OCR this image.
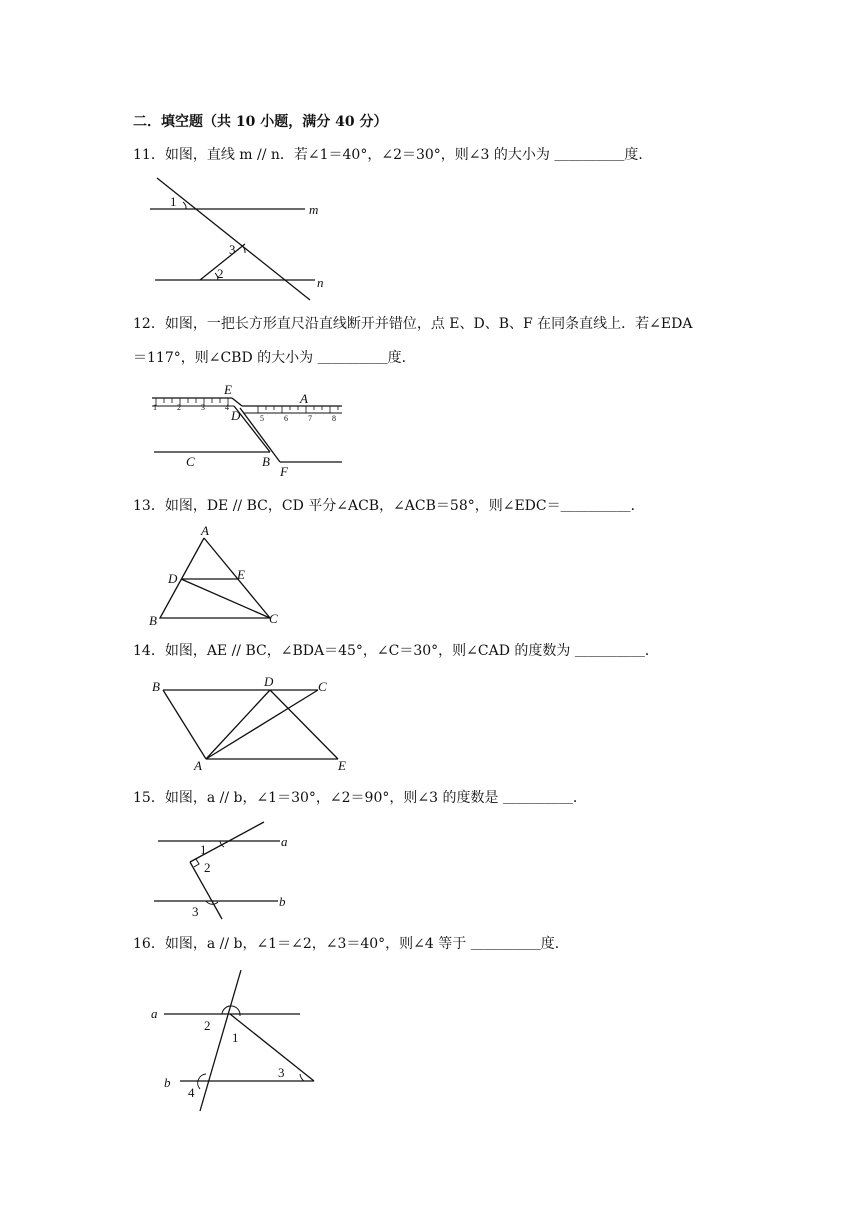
二．填空题（共 10 小题，满分 40 分）
11．如图，直线 m // n．若∠1＝40°，∠2＝30°，则∠3 的大小为 ＿＿＿＿＿度．
1
3
2
m
n
12．如图，一把长方形直尺沿直线断开并错位，点 E、D、B、F 在同条直线上．若∠EDA
＝117°，则∠CBD 的大小为 ＿＿＿＿＿度．
1	2	3	4
5	6	7	8
E
D
A
C	B
F
13．如图，DE // BC，CD 平分∠ACB，∠ACB＝58°，则∠EDC＝＿＿＿＿＿．
A
D	E
B	C
14．如图，AE // BC，∠BDA＝45°，∠C＝30°，则∠CAD 的度数为 ＿＿＿＿＿．
B	D	C
A	E
15．如图，a // b，∠1＝30°，∠2＝90°，则∠3 的度数是 ＿＿＿＿＿．
1
2
3
a
b
16．如图，a // b，∠1＝∠2，∠3＝40°，则∠4 等于 ＿＿＿＿＿度．
a
b
2
1
3
4
